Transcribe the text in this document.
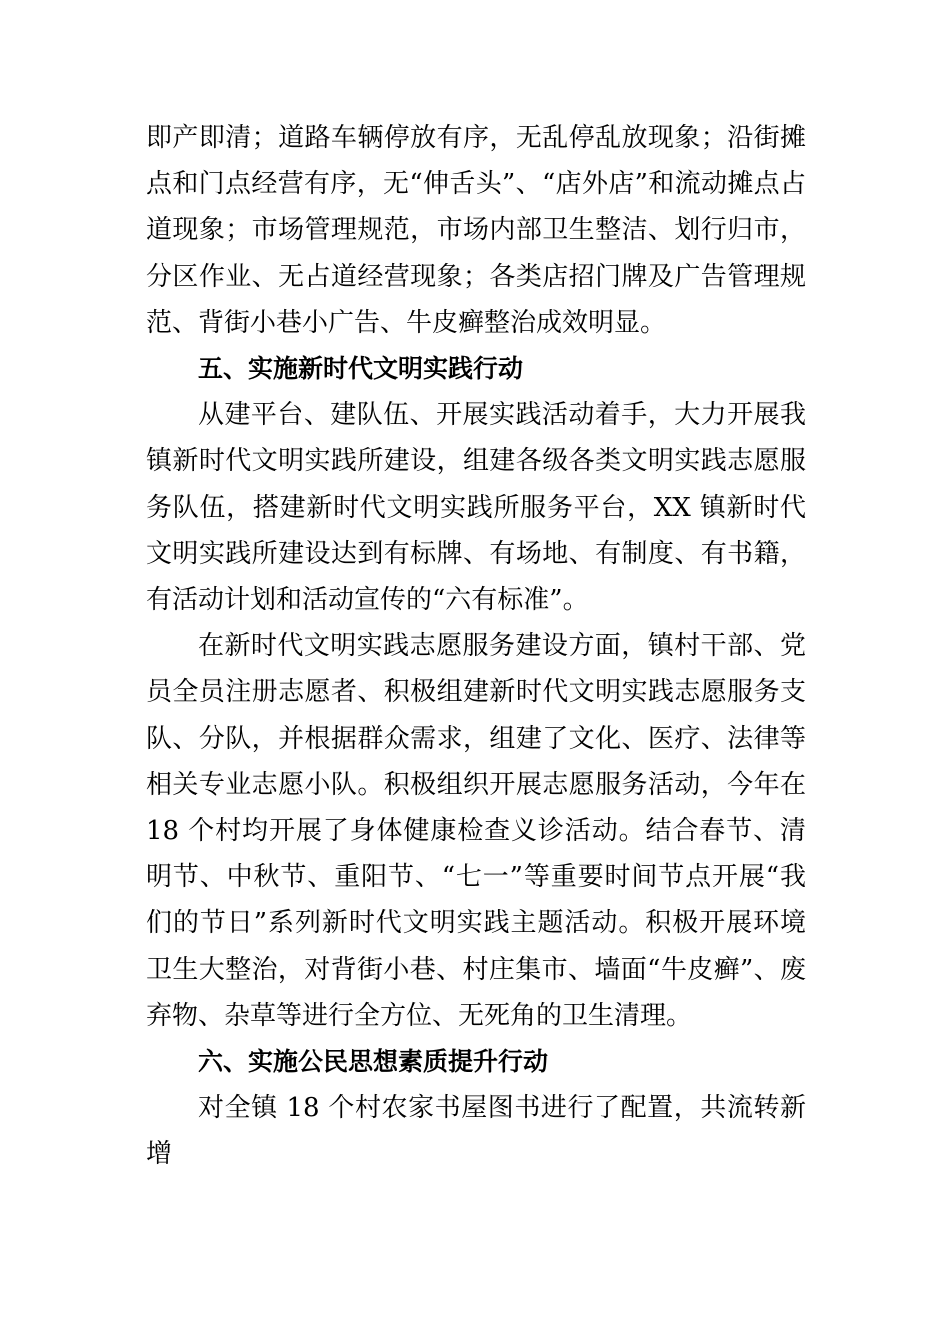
即产即清；道路车辆停放有序，无乱停乱放现象；沿街摊点和门点经营有序，无“伸舌头”、“店外店”和流动摊点占道现象；市场管理规范，市场内部卫生整洁、划行归市，分区作业、无占道经营现象；各类店招门牌及广告管理规范、背街小巷小广告、牛皮癣整治成效明显。

五、实施新时代文明实践行动

从建平台、建队伍、开展实践活动着手，大力开展我镇新时代文明实践所建设，组建各级各类文明实践志愿服务队伍，搭建新时代文明实践所服务平台，XX 镇新时代文明实践所建设达到有标牌、有场地、有制度、有书籍，有活动计划和活动宣传的“六有标准”。

在新时代文明实践志愿服务建设方面，镇村干部、党员全员注册志愿者、积极组建新时代文明实践志愿服务支队、分队，并根据群众需求，组建了文化、医疗、法律等相关专业志愿小队。积极组织开展志愿服务活动，今年在 18 个村均开展了身体健康检查义诊活动。结合春节、清明节、中秋节、重阳节、“七一”等重要时间节点开展“我们的节日”系列新时代文明实践主题活动。积极开展环境卫生大整治，对背街小巷、村庄集市、墙面“牛皮癣”、废弃物、杂草等进行全方位、无死角的卫生清理。

六、实施公民思想素质提升行动

对全镇 18 个村农家书屋图书进行了配置，共流转新增
